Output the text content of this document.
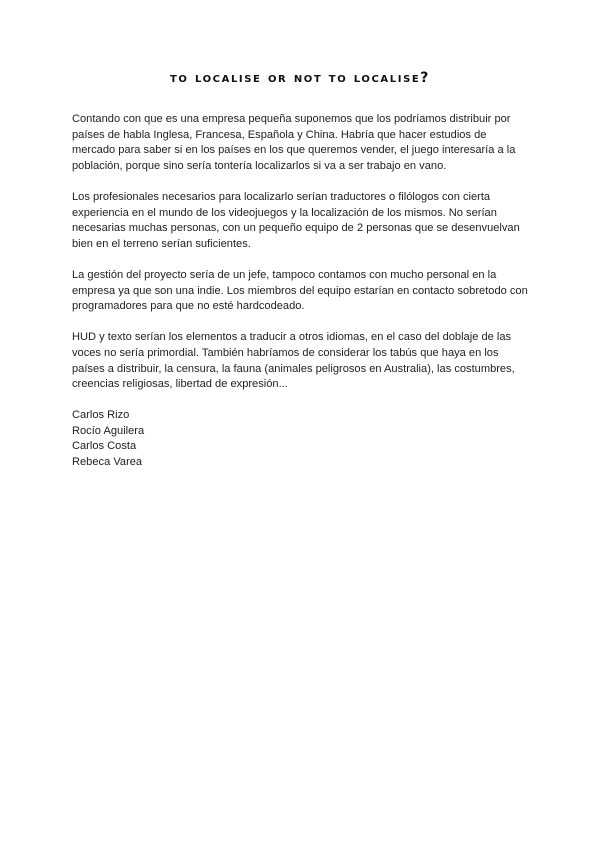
to localise or not to localise?

Contando con que es una empresa pequeña suponemos que los podríamos distribuir por países de habla Inglesa, Francesa, Española y China. Habría que hacer estudios de mercado para saber si en los países en los que queremos vender, el juego interesaría a la población, porque sino sería tontería localizarlos si va a ser trabajo en vano.

Los profesionales necesarios para localizarlo serían traductores o filólogos con cierta experiencia en el mundo de los videojuegos y la localización de los mismos. No serían necesarias muchas personas, con un pequeño equipo de 2 personas que se desenvuelvan bien en el terreno serían suficientes.

La gestión del proyecto sería de un jefe, tampoco contamos con mucho personal en la empresa ya que son una indie. Los miembros del equipo estarían en contacto sobretodo con programadores para que no esté hardcodeado.

HUD y texto serían los elementos a traducir a otros idiomas, en el caso del doblaje de las voces no sería primordial. También habríamos de considerar los tabús que haya en los países a distribuir, la censura, la fauna (animales peligrosos en Australia), las costumbres, creencias religiosas, libertad de expresión...

Carlos Rizo
Rocío Aguilera
Carlos Costa
Rebeca Varea
